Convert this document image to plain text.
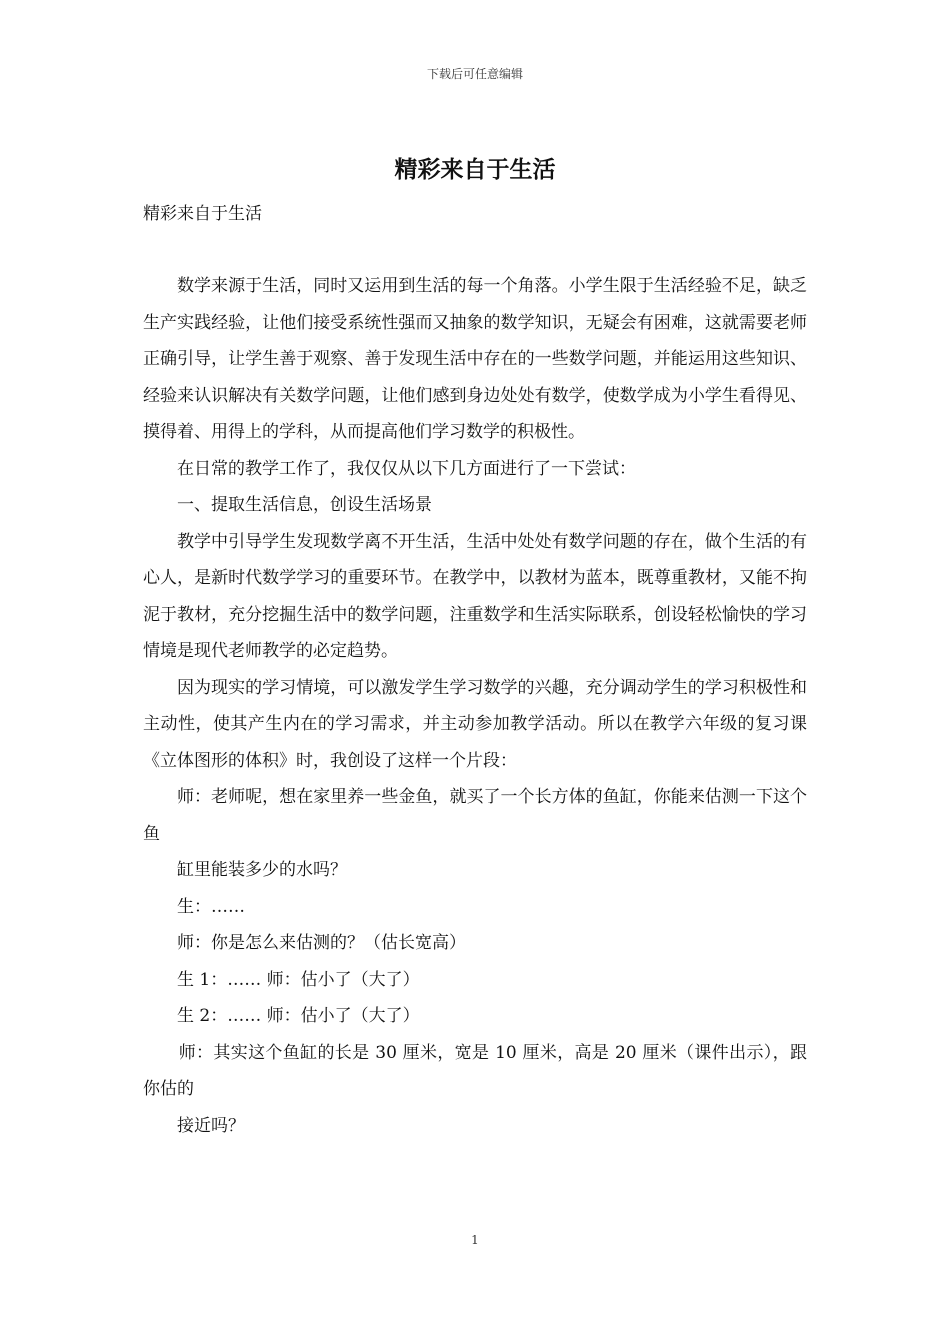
下载后可任意编辑
精彩来自于生活
精彩来自于生活

数学来源于生活，同时又运用到生活的每一个角落。小学生限于生活经验不足，缺乏生产实践经验，让他们接受系统性强而又抽象的数学知识，无疑会有困难，这就需要老师正确引导，让学生善于观察、善于发现生活中存在的一些数学问题，并能运用这些知识、经验来认识解决有关数学问题，让他们感到身边处处有数学，使数学成为小学生看得见、摸得着、用得上的学科，从而提高他们学习数学的积极性。

在日常的教学工作了，我仅仅从以下几方面进行了一下尝试：

一、提取生活信息，创设生活场景

教学中引导学生发现数学离不开生活，生活中处处有数学问题的存在，做个生活的有心人，是新时代数学学习的重要环节。在教学中，以教材为蓝本，既尊重教材，又能不拘泥于教材，充分挖掘生活中的数学问题，注重数学和生活实际联系，创设轻松愉快的学习情境是现代老师教学的必定趋势。

因为现实的学习情境，可以激发学生学习数学的兴趣，充分调动学生的学习积极性和主动性，使其产生内在的学习需求，并主动参加教学活动。所以在教学六年级的复习课《立体图形的体积》时，我创设了这样一个片段：

师：老师呢，想在家里养一些金鱼，就买了一个长方体的鱼缸，你能来估测一下这个鱼

缸里能装多少的水吗？

生：……

师：你是怎么来估测的？（估长宽高）

生 1：…… 师：估小了（大了）

生 2：…… 师：估小了（大了）

师：其实这个鱼缸的长是 30 厘米，宽是 10 厘米，高是 20 厘米（课件出示），跟你估的

接近吗？

1
